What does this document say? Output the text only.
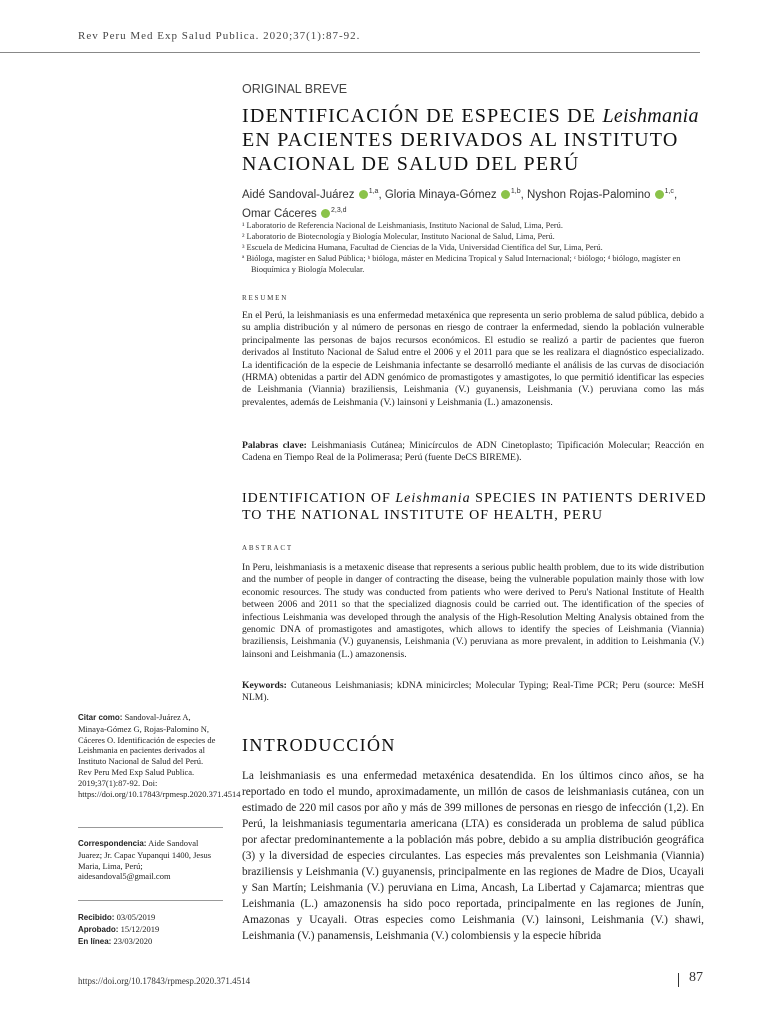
Rev Peru Med Exp Salud Publica. 2020;37(1):87-92.
ORIGINAL BREVE
IDENTIFICACIÓN DE ESPECIES DE Leishmania EN PACIENTES DERIVADOS AL INSTITUTO NACIONAL DE SALUD DEL PERÚ
Aidé Sandoval-Juárez $^{1,a}$, Gloria Minaya-Gómez $^{1,b}$, Nyshon Rojas-Palomino $^{1,c}$,
Omar Cáceres $^{2,3,d}$
¹ Laboratorio de Referencia Nacional de Leishmaniasis, Instituto Nacional de Salud, Lima, Perú.
² Laboratorio de Biotecnología y Biología Molecular, Instituto Nacional de Salud, Lima, Perú.
³ Escuela de Medicina Humana, Facultad de Ciencias de la Vida, Universidad Científica del Sur, Lima, Perú.
ª Bióloga, magíster en Salud Pública; ᵇ bióloga, máster en Medicina Tropical y Salud Internacional; ᶜ biólogo; ᵈ biólogo, magíster en Bioquímica y Biología Molecular.
resumen
En el Perú, la leishmaniasis es una enfermedad metaxénica que representa un serio problema de salud pública, debido a su amplia distribución y al número de personas en riesgo de contraer la enfermedad, siendo la población vulnerable principalmente las personas de bajos recursos económicos. El estudio se realizó a partir de pacientes que fueron derivados al Instituto Nacional de Salud entre el 2006 y el 2011 para que se les realizara el diagnóstico especializado. La identificación de la especie de Leishmania infectante se desarrolló mediante el análisis de las curvas de disociación (HRMA) obtenidas a partir del ADN genómico de promastigotes y amastigotes, lo que permitió identificar las especies de Leishmania (Viannia) braziliensis, Leishmania (V.) guyanensis, Leishmania (V.) peruviana como las más prevalentes, además de Leishmania (V.) lainsoni y Leishmania (L.) amazonensis.
Palabras clave: Leishmaniasis Cutánea; Minicírculos de ADN Cinetoplasto; Tipificación Molecular; Reacción en Cadena en Tiempo Real de la Polimerasa; Perú (fuente DeCS BIREME).
IDENTIFICATION OF Leishmania SPECIES IN PATIENTS DERIVED TO THE NATIONAL INSTITUTE OF HEALTH, PERU
abstract
In Peru, leishmaniasis is a metaxenic disease that represents a serious public health problem, due to its wide distribution and the number of people in danger of contracting the disease, being the vulnerable population mainly those with low economic resources. The study was conducted from patients who were derived to Peru's National Institute of Health between 2006 and 2011 so that the specialized diagnosis could be carried out. The identification of the species of infectious Leishmania was developed through the analysis of the High-Resolution Melting Analysis obtained from the genomic DNA of promastigotes and amastigotes, which allows to identify the species of Leishmania (Viannia) braziliensis, Leishmania (V.) guyanensis, Leishmania (V.) peruviana as more prevalent, in addition to Leishmania (V.) lainsoni and Leishmania (L.) amazonensis.
Keywords: Cutaneous Leishmaniasis; kDNA minicircles; Molecular Typing; Real-Time PCR; Peru (source: MeSH NLM).
Citar como: Sandoval-Juárez A, Minaya-Gómez G, Rojas-Palomino N, Cáceres O. Identificación de especies de Leishmania en pacientes derivados al Instituto Nacional de Salud del Perú. Rev Peru Med Exp Salud Publica. 2019;37(1):87-92. Doi: https://doi.org/10.17843/rpmesp.2020.371.4514
Correspondencia: Aide Sandoval Juarez; Jr. Capac Yupanqui 1400, Jesus Maria, Lima, Perú; aidesandoval5@gmail.com
Recibido: 03/05/2019
Aprobado: 15/12/2019
En línea: 23/03/2020
INTRODUCCIÓN
La leishmaniasis es una enfermedad metaxénica desatendida. En los últimos cinco años, se ha reportado en todo el mundo, aproximadamente, un millón de casos de leishmaniasis cutánea, con un estimado de 220 mil casos por año y más de 399 millones de personas en riesgo de infección (1,2). En Perú, la leishmaniasis tegumentaria americana (LTA) es considerada un problema de salud pública por afectar predominantemente a la población más pobre, debido a su amplia distribución geográfica (3) y la diversidad de especies circulantes. Las especies más prevalentes son Leishmania (Viannia) braziliensis y Leishmania (V.) guyanensis, principalmente en las regiones de Madre de Dios, Ucayali y San Martín; Leishmania (V.) peruviana en Lima, Ancash, La Libertad y Cajamarca; mientras que Leishmania (L.) amazonensis ha sido poco reportada, principalmente en las regiones de Junín, Amazonas y Ucayali. Otras especies como Leishmania (V.) lainsoni, Leishmania (V.) shawi, Leishmania (V.) panamensis, Leishmania (V.) colombiensis y la especie híbrida
https://doi.org/10.17843/rpmesp.2020.371.4514	87
